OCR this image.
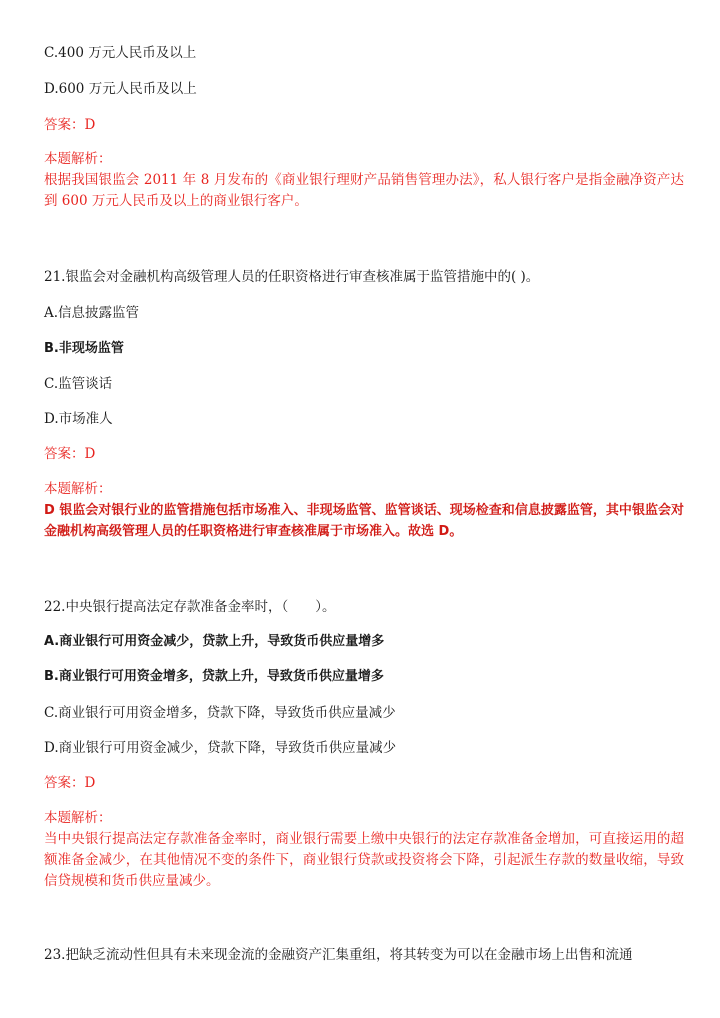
C.400 万元人民币及以上
D.600 万元人民币及以上
答案：D
本题解析：
根据我国银监会 2011 年 8 月发布的《商业银行理财产品销售管理办法》，私人银行客户是指金融净资产达到 600 万元人民币及以上的商业银行客户。
21.银监会对金融机构高级管理人员的任职资格进行审查核准属于监管措施中的( )。
A.信息披露监管
B.非现场监管
C.监管谈话
D.市场准人
答案：D
本题解析：
D 银监会对银行业的监管措施包括市场准入、非现场监管、监管谈话、现场检查和信息披露监管，其中银监会对金融机构高级管理人员的任职资格进行审查核准属于市场准入。故选 D。
22.中央银行提高法定存款准备金率时，（　　）。
A.商业银行可用资金减少，贷款上升，导致货币供应量增多
B.商业银行可用资金增多，贷款上升，导致货币供应量增多
C.商业银行可用资金增多，贷款下降，导致货币供应量减少
D.商业银行可用资金减少，贷款下降，导致货币供应量减少
答案：D
本题解析：
当中央银行提高法定存款准备金率时，商业银行需要上缴中央银行的法定存款准备金增加，可直接运用的超额准备金减少，在其他情况不变的条件下，商业银行贷款或投资将会下降，引起派生存款的数量收缩，导致信贷规模和货币供应量减少。
23.把缺乏流动性但具有未来现金流的金融资产汇集重组，将其转变为可以在金融市场上出售和流通
